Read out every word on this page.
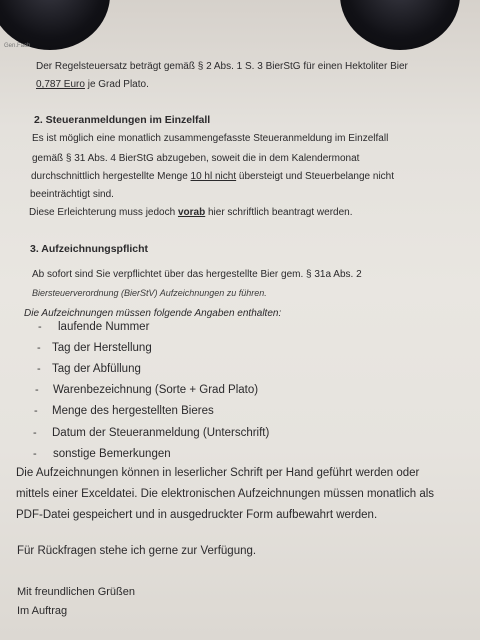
Gen.Fach
Der Regelsteuersatz beträgt gemäß § 2 Abs. 1 S. 3 BierStG für einen Hektoliter Bier
0,787 Euro je Grad Plato.
2. Steueranmeldungen im Einzelfall
Es ist möglich eine monatlich zusammengefasste Steueranmeldung im Einzelfall
gemäß § 31 Abs. 4 BierStG abzugeben, soweit die in dem Kalendermonat
durchschnittlich hergestellte Menge 10 hl nicht übersteigt und Steuerbelange nicht
beeinträchtigt sind.
Diese Erleichterung muss jedoch vorab hier schriftlich beantragt werden.
3. Aufzeichnungspflicht
Ab sofort sind Sie verpflichtet über das hergestellte Bier gem. § 31a Abs. 2
Biersteuerverordnung (BierStV) Aufzeichnungen zu führen.
Die Aufzeichnungen müssen folgende Angaben enthalten:
- laufende Nummer
- Tag der Herstellung
- Tag der Abfüllung
- Warenbezeichnung (Sorte + Grad Plato)
- Menge des hergestellten Bieres
- Datum der Steueranmeldung (Unterschrift)
- sonstige Bemerkungen
Die Aufzeichnungen können in leserlicher Schrift per Hand geführt werden oder
mittels einer Exceldatei. Die elektronischen Aufzeichnungen müssen monatlich als
PDF-Datei gespeichert und in ausgedruckter Form aufbewahrt werden.
Für Rückfragen stehe ich gerne zur Verfügung.
Mit freundlichen Grüßen
Im Auftrag
